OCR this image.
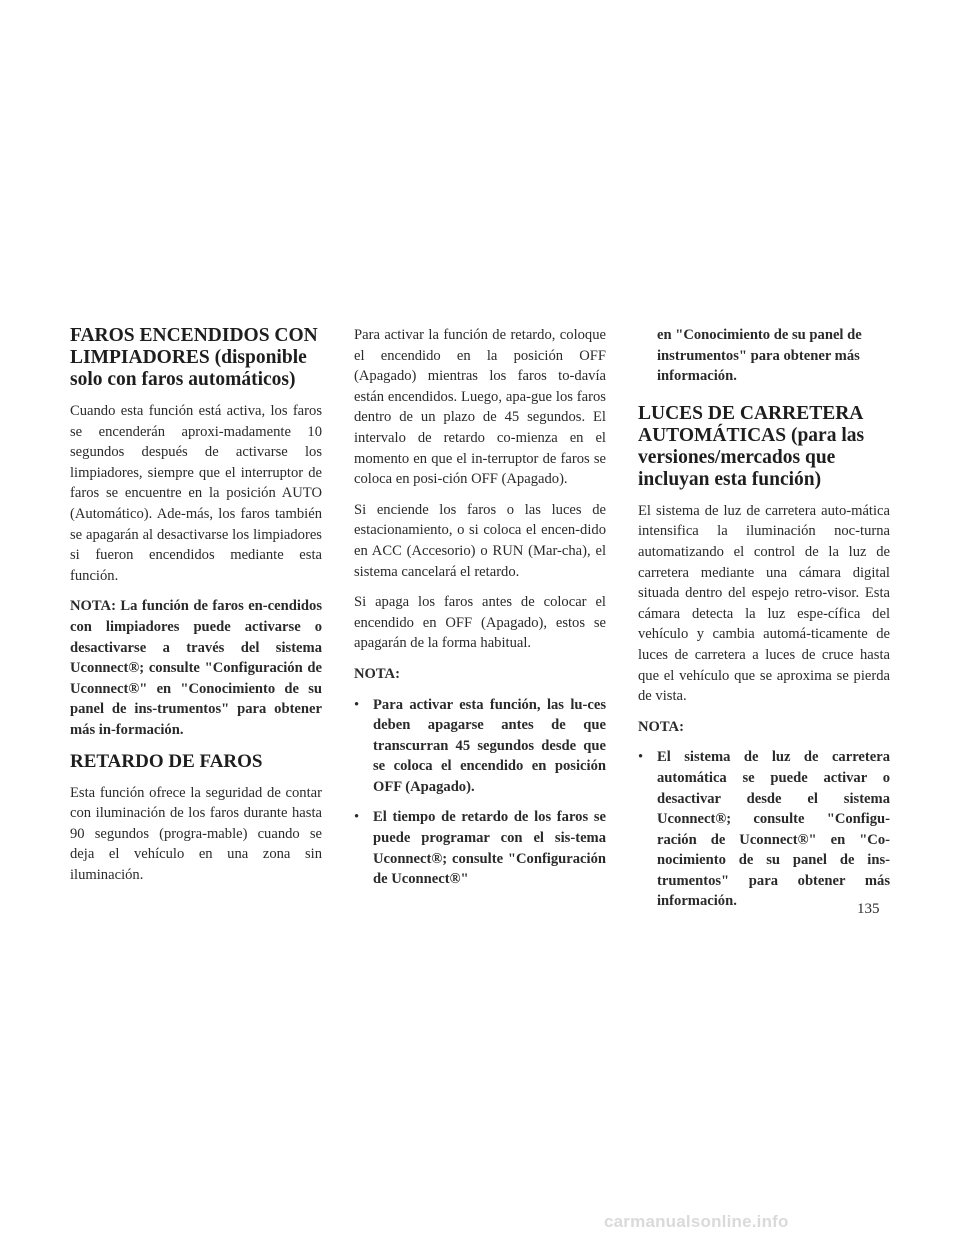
FAROS ENCENDIDOS CON LIMPIADORES (disponible solo con faros automáticos)
Cuando esta función está activa, los faros se encenderán aproxi-madamente 10 segundos después de activarse los limpiadores, siempre que el interruptor de faros se encuentre en la posición AUTO (Automático). Ade-más, los faros también se apagarán al desactivarse los limpiadores si fueron encendidos mediante esta función.
NOTA: La función de faros en-cendidos con limpiadores puede activarse o desactivarse a través del sistema Uconnect®; consulte "Configuración de Uconnect®" en "Conocimiento de su panel de ins-trumentos" para obtener más in-formación.
RETARDO DE FAROS
Esta función ofrece la seguridad de contar con iluminación de los faros durante hasta 90 segundos (progra-mable) cuando se deja el vehículo en una zona sin iluminación.
Para activar la función de retardo, coloque el encendido en la posición OFF (Apagado) mientras los faros to-davía están encendidos. Luego, apa-gue los faros dentro de un plazo de 45 segundos. El intervalo de retardo co-mienza en el momento en que el in-terruptor de faros se coloca en posi-ción OFF (Apagado).
Si enciende los faros o las luces de estacionamiento, o si coloca el encen-dido en ACC (Accesorio) o RUN (Mar-cha), el sistema cancelará el retardo.
Si apaga los faros antes de colocar el encendido en OFF (Apagado), estos se apagarán de la forma habitual.
NOTA:
• Para activar esta función, las lu-ces deben apagarse antes de que transcurran 45 segundos desde que se coloca el encendido en posición OFF (Apagado).
• El tiempo de retardo de los faros se puede programar con el sis-tema Uconnect®; consulte "Configuración de Uconnect®"
en "Conocimiento de su panel de instrumentos" para obtener más información.
LUCES DE CARRETERA AUTOMÁTICAS (para las versiones/mercados que incluyan esta función)
El sistema de luz de carretera auto-mática intensifica la iluminación noc-turna automatizando el control de la luz de carretera mediante una cámara digital situada dentro del espejo retro-visor. Esta cámara detecta la luz espe-cífica del vehículo y cambia automá-ticamente de luces de carretera a luces de cruce hasta que el vehículo que se aproxima se pierda de vista.
NOTA:
• El sistema de luz de carretera automática se puede activar o desactivar desde el sistema Uconnect®; consulte "Configu-ración de Uconnect®" en "Co-nocimiento de su panel de ins-trumentos" para obtener más información.	135
carmanualsonline.info
